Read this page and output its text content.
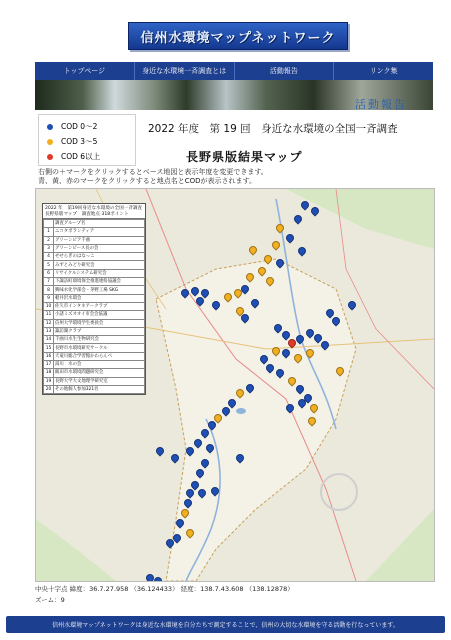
信州水環境マップネットワーク
トップページ	身近な水環境一斉調査とは	活動報告	リンク集
活動報告
COD 0～2
COD 3～5
COD 6以上
2022 年度　第 19 回　身近な水環境の全国一斉調査
長野県版結果マップ
右側の＋マークをクリックするとベース地図と表示年度を変更できます。
青、黄、赤のマークをクリックすると地点名とCODが表示されます。
2022 年　第19回身近な水環境の全国一斉調査
長野県版マップ　調査地点 318ポイント
	調査グループ名
1	ニコタボランティア
2	グリーンピア千曲
3	グリーンピース長の会
4	せせらぎのはなっこ
5	みずとみどり研究会
6	リサイクルシステム研究会
7	下諏訪町環境保全推進連絡協議会
8	興味水化学部会・茅野工場 SKG
9	軽井沢水環会
10	佐久市インタネアークラブ
11	小諸ミズオオイ市会会協議
12	信州大学環境学生委員会
13	諏訪湖クラブ
14	千曲川水生生物研究会
15	長野市水環境研究サークル
16	天竜川総合学習館かわらんべ
17	湯川　水の会
18	飯田市水環境問題研究会
19	長野大学大文地理学研究室
20	その他個人参加321名
中央十字点 緯度：36.7.27.958 （36.124433） 経度：138.7.43.608 （138.12878）
ズーム：9
信州水環境マップネットワークは身近な水環境を自分たちで測定することで、信州の大切な水環境を守る活動を行なっています。
